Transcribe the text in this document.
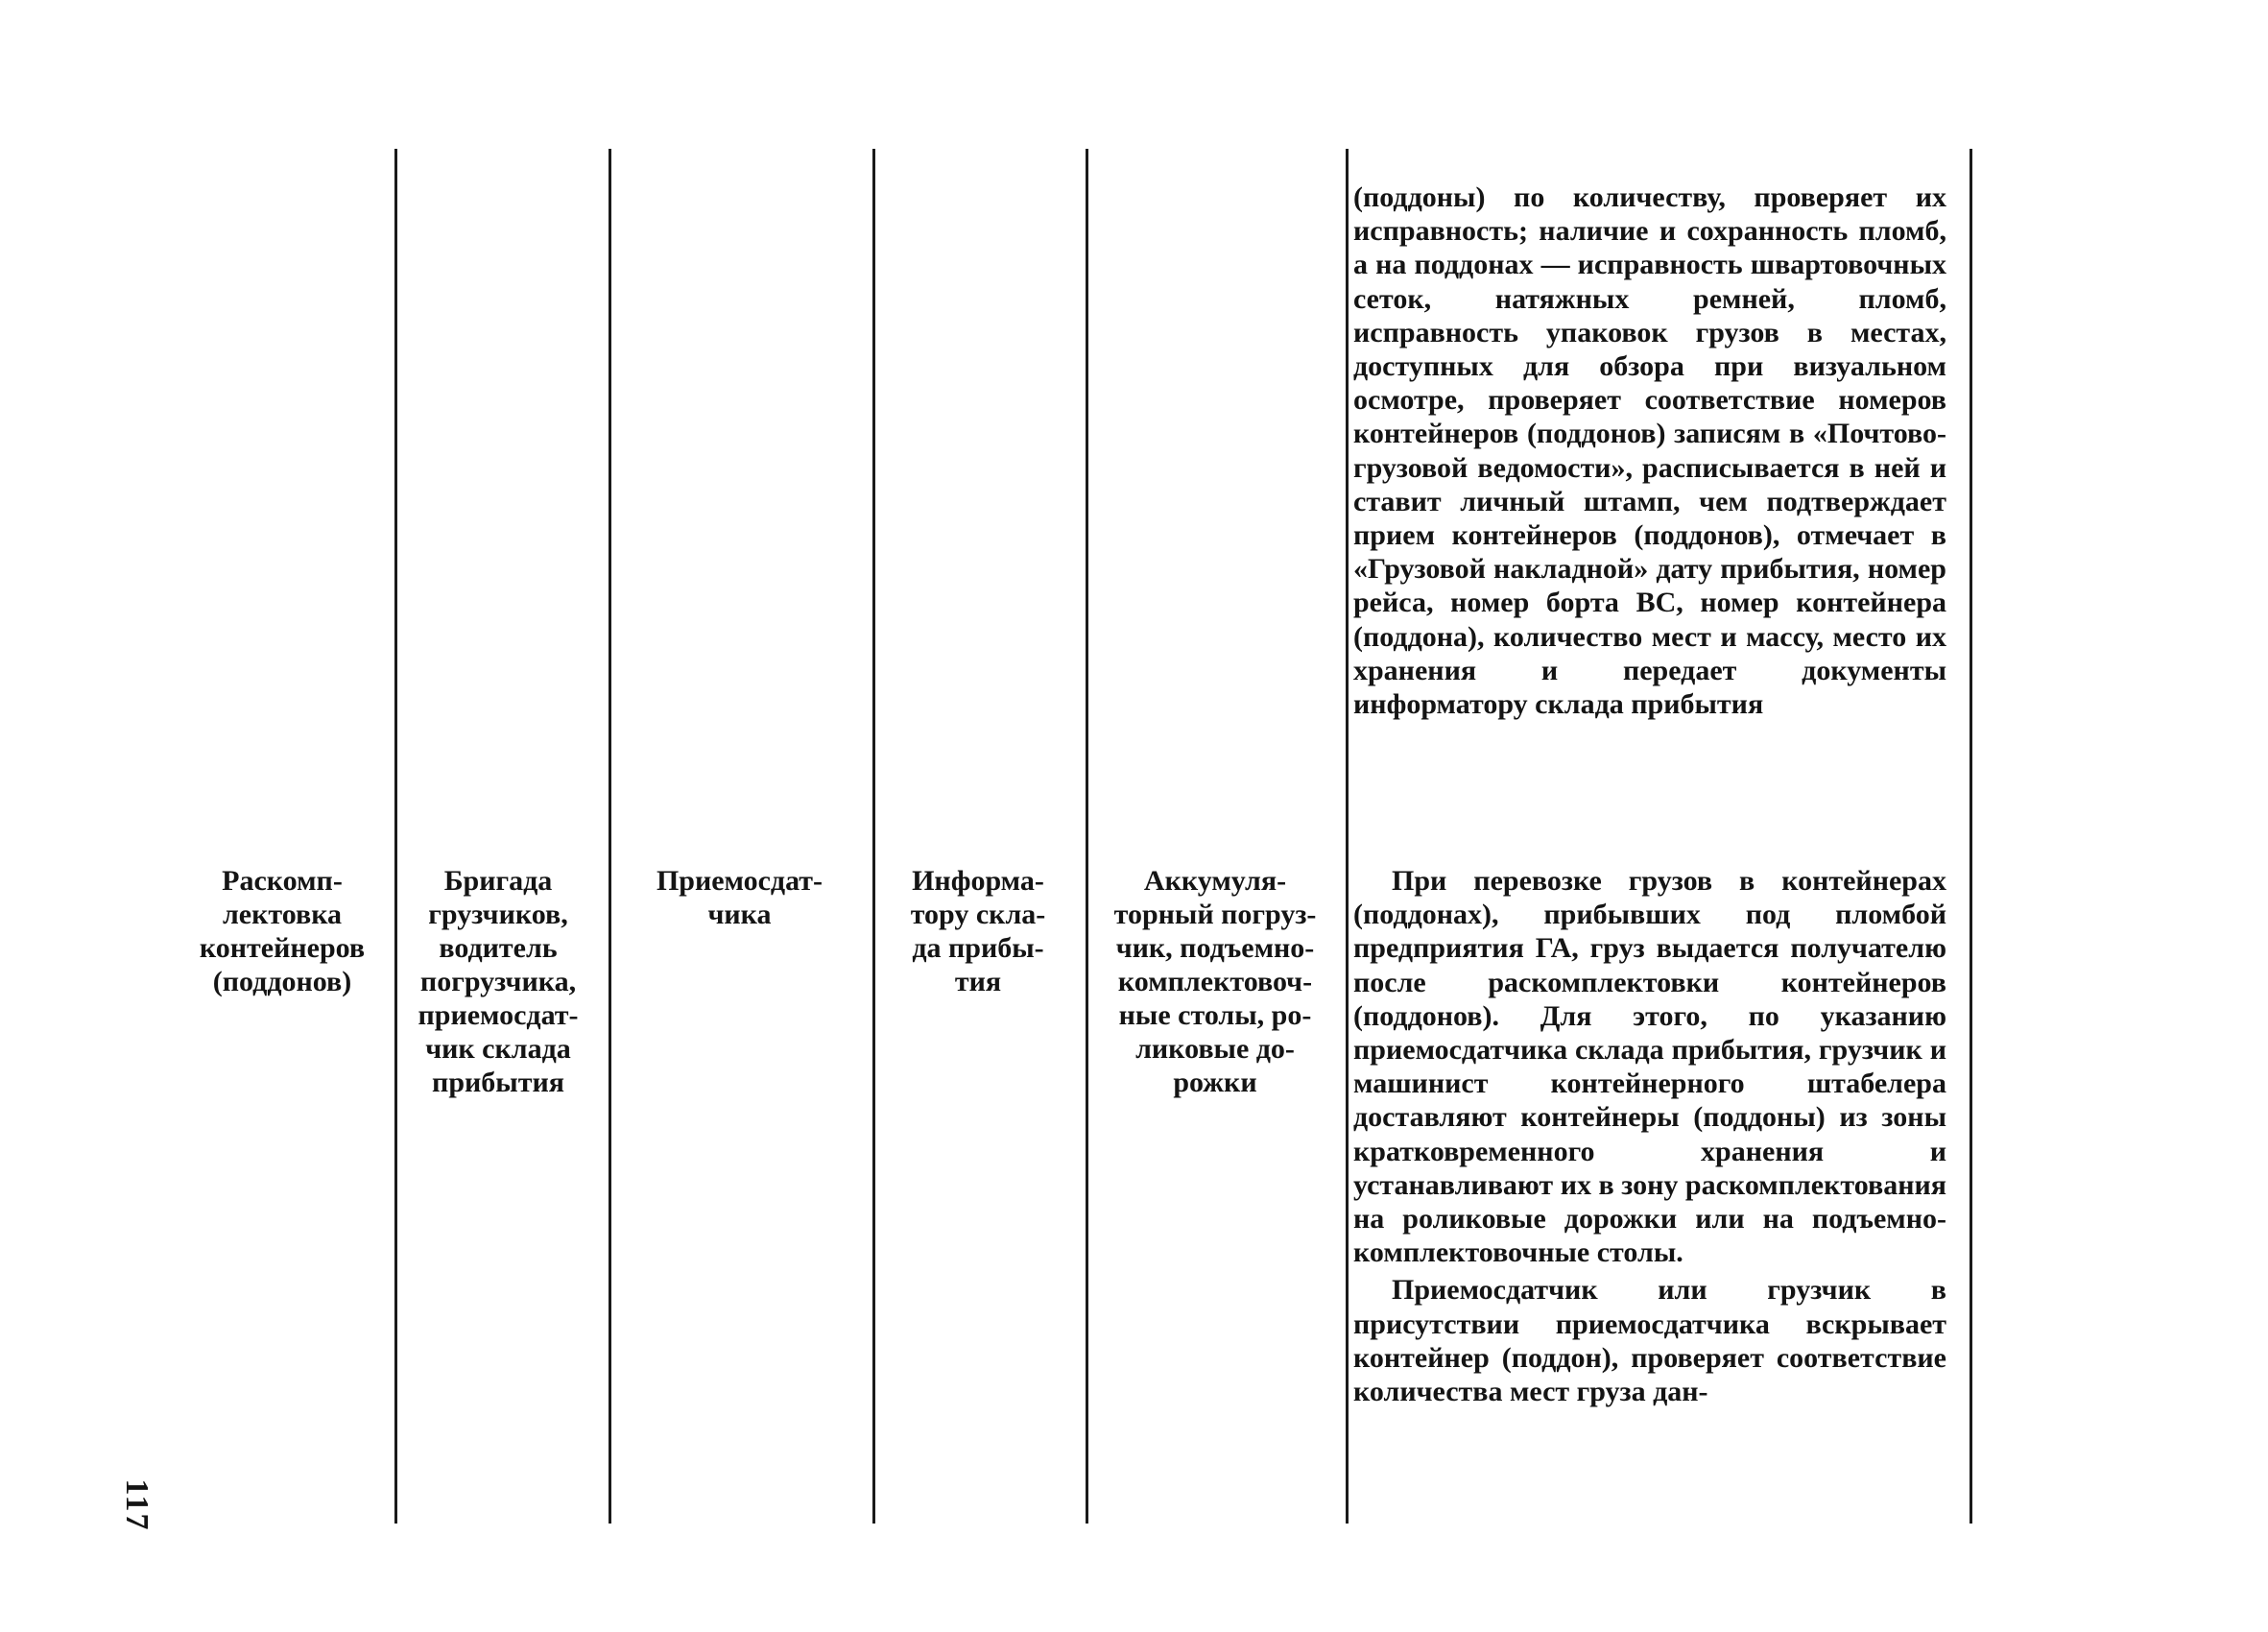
117
Раскомп-
лектовка
контейнеров
(поддонов)
Бригада
грузчиков,
водитель
погрузчика,
приемосдат-
чик склада
прибытия
Приемосдат-
чика
Информа-
тору скла-
да прибы-
тия
Аккумуля-
торный погруз-
чик, подъемно-
комплектовоч-
ные столы, ро-
ликовые до-
рожки

(поддоны) по количеству, проверяет их исправность; наличие и сохранность пломб, а на поддонах — исправность швартовочных сеток, натяжных ремней, пломб, исправность упаковок грузов в местах, доступных для обзора при визуальном осмотре, проверяет соответствие номеров контейнеров (поддонов) записям в «Почтово-грузовой ведомости», расписывается в ней и ставит личный штамп, чем подтверждает прием контейнеров (поддонов), отмечает в «Грузовой накладной» дату прибытия, номер рейса, номер борта ВС, номер контейнера (поддона), количество мест и массу, место их хранения и передает документы информатору склада прибытия

При перевозке грузов в контейнерах (поддонах), прибывших под пломбой предприятия ГА, груз выдается получателю после раскомплектовки контейнеров (поддонов). Для этого, по указанию приемосдатчика склада прибытия, грузчик и машинист контейнерного штабелера доставляют контейнеры (поддоны) из зоны кратковременного хранения и устанавливают их в зону раскомплектования на роликовые дорожки или на подъемно-комплектовочные столы.

Приемосдатчик или грузчик в присутствии приемосдатчика вскрывает контейнер (поддон), проверяет соответствие количества мест груза дан-
